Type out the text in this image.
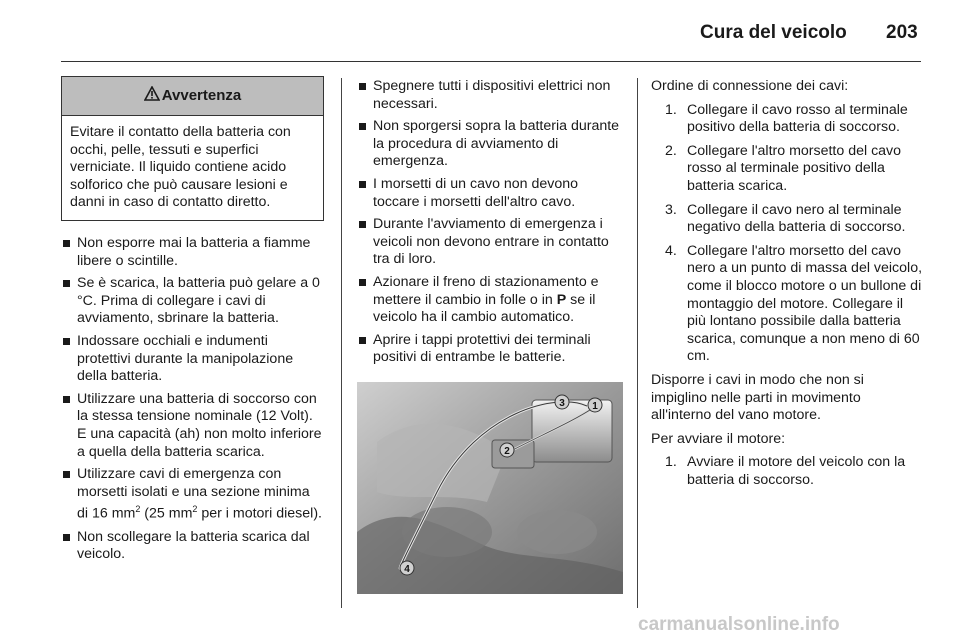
Cura del veicolo 203
Avvertenza
Evitare il contatto della batteria con occhi, pelle, tessuti e superfici verniciate. Il liquido contiene acido solforico che può causare lesioni e danni in caso di contatto diretto.
Non esporre mai la batteria a fiamme libere o scintille.
Se è scarica, la batteria può gelare a 0 °C. Prima di collegare i cavi di avviamento, sbrinare la batteria.
Indossare occhiali e indumenti protettivi durante la manipolazione della batteria.
Utilizzare una batteria di soccorso con la stessa tensione nominale (12 Volt). E una capacità (ah) non molto inferiore a quella della batteria scarica.
Utilizzare cavi di emergenza con morsetti isolati e una sezione minima di 16 $mm^2$ (25 $mm^2$ per i motori diesel).
Non scollegare la batteria scarica dal veicolo.
Spegnere tutti i dispositivi elettrici non necessari.
Non sporgersi sopra la batteria durante la procedura di avviamento di emergenza.
I morsetti di un cavo non devono toccare i morsetti dell'altro cavo.
Durante l'avviamento di emergenza i veicoli non devono entrare in contatto tra di loro.
Azionare il freno di stazionamento e mettere il cambio in folle o in P se il veicolo ha il cambio automatico.
Aprire i tappi protettivi dei terminali positivi di entrambe le batterie.
1
2
3
4

Ordine di connessione dei cavi:

1. Collegare il cavo rosso al terminale positivo della batteria di soccorso.
2. Collegare l'altro morsetto del cavo rosso al terminale positivo della batteria scarica.
3. Collegare il cavo nero al terminale negativo della batteria di soccorso.
4. Collegare l'altro morsetto del cavo nero a un punto di massa del veicolo, come il blocco motore o un bullone di montaggio del motore. Collegare il più lontano possibile dalla batteria scarica, comunque a non meno di 60 cm.

Disporre i cavi in modo che non si impiglino nelle parti in movimento all'interno del vano motore.

Per avviare il motore:

1. Avviare il motore del veicolo con la batteria di soccorso.
carmanualsonline.info
